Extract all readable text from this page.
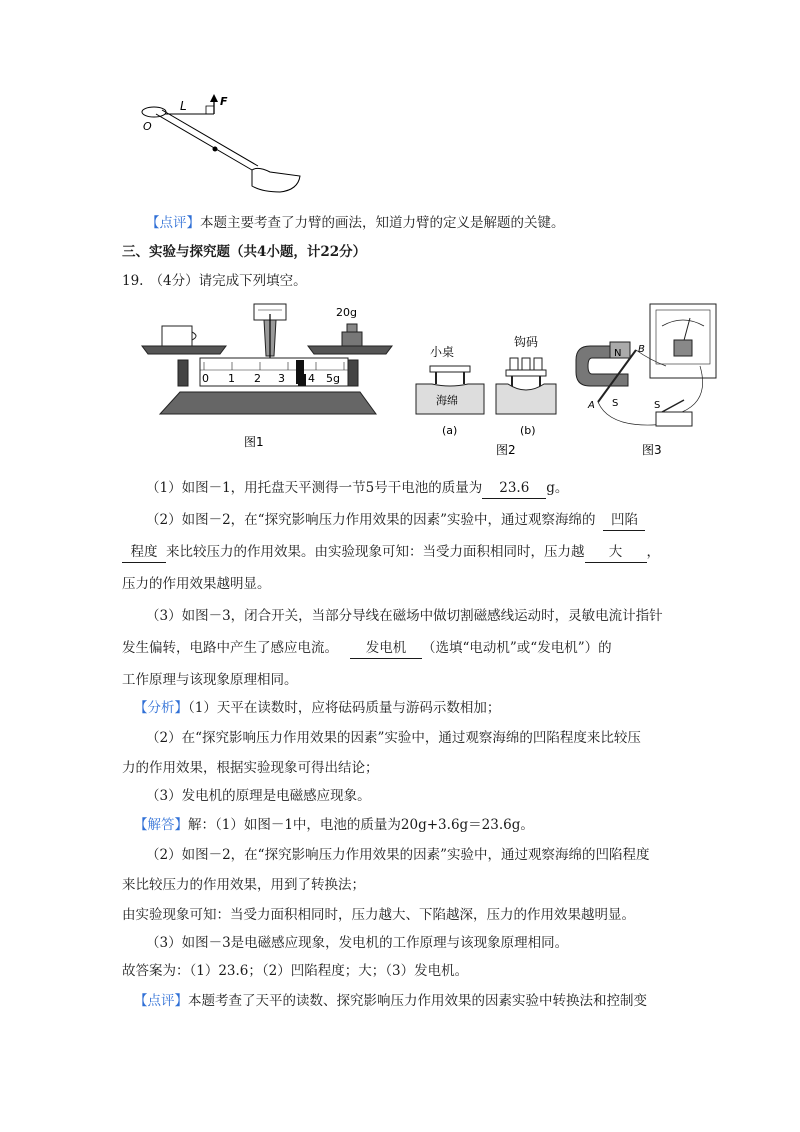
L	F
O
【点评】本题主要考查了力臂的画法，知道力臂的定义是解题的关键。
三、实验与探究题（共4小题，计22分）
19. （4分）请完成下列填空。
20g
0 1 2 3 4 5g
图1
小桌
钩码
海绵
(a)	(b)
图2
N
S
A
B
S
图3
（1）如图－1，用托盘天平测得一节5号干电池的质量为 23.6 g。
（2）如图－2，在“探究影响压力作用效果的因素”实验中，通过观察海绵的 凹陷
程度 来比较压力的作用效果。由实验现象可知：当受力面积相同时，压力越 大 ，
压力的作用效果越明显。
（3）如图－3，闭合开关，当部分导线在磁场中做切割磁感线运动时，灵敏电流计指针
发生偏转，电路中产生了感应电流。 发电机 （选填“电动机”或“发电机”）的
工作原理与该现象原理相同。
【分析】（1）天平在读数时，应将砝码质量与游码示数相加；
（2）在“探究影响压力作用效果的因素”实验中，通过观察海绵的凹陷程度来比较压
力的作用效果，根据实验现象可得出结论；
（3）发电机的原理是电磁感应现象。
【解答】解：（1）如图－1中，电池的质量为20g+3.6g＝23.6g。
（2）如图－2，在“探究影响压力作用效果的因素”实验中，通过观察海绵的凹陷程度
来比较压力的作用效果，用到了转换法；
由实验现象可知：当受力面积相同时，压力越大、下陷越深，压力的作用效果越明显。
（3）如图－3是电磁感应现象，发电机的工作原理与该现象原理相同。
故答案为：（1）23.6；（2）凹陷程度；大；（3）发电机。
【点评】本题考查了天平的读数、探究影响压力作用效果的因素实验中转换法和控制变
